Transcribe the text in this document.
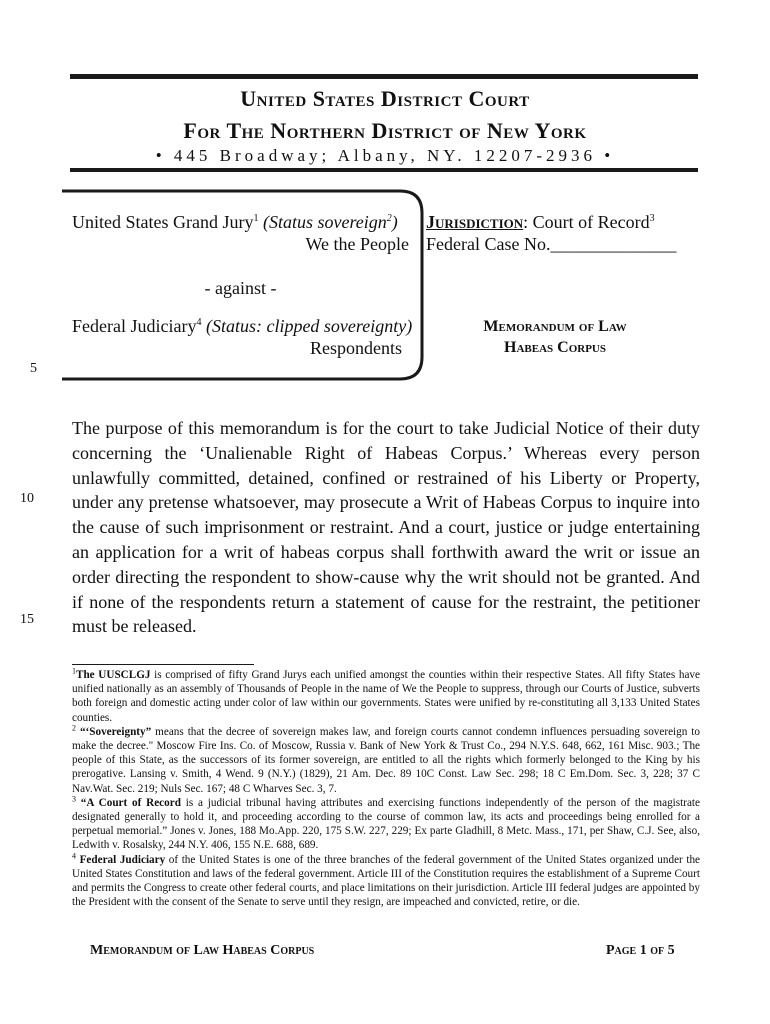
United States District Court
For The Northern District of New York
• 445 Broadway; Albany, NY. 12207-2936 •
United States Grand Jury$^1$ (Status sovereign$^2$)
We the People
- against -
Federal Judiciary$^4$ (Status: clipped sovereignty)
Respondents
Jurisdiction: Court of Record$^3$
Federal Case No.______________
Memorandum of Law
Habeas Corpus
5
10
15
The purpose of this memorandum is for the court to take Judicial Notice of their duty concerning the ‘Unalienable Right of Habeas Corpus.’ Whereas every person unlawfully committed, detained, confined or restrained of his Liberty or Property, under any pretense whatsoever, may prosecute a Writ of Habeas Corpus to inquire into the cause of such imprisonment or restraint. And a court, justice or judge entertaining an application for a writ of habeas corpus shall forthwith award the writ or issue an order directing the respondent to show-cause why the writ should not be granted. And if none of the respondents return a statement of cause for the restraint, the petitioner must be released.

$^1$The UUSCLGJ is comprised of fifty Grand Jurys each unified amongst the counties within their respective States. All fifty States have unified nationally as an assembly of Thousands of People in the name of We the People to suppress, through our Courts of Justice, subverts both foreign and domestic acting under color of law within our governments. States were unified by re-constituting all 3,133 United States counties.

$^2$ “‘Sovereignty” means that the decree of sovereign makes law, and foreign courts cannot condemn influences persuading sovereign to make the decree." Moscow Fire Ins. Co. of Moscow, Russia v. Bank of New York & Trust Co., 294 N.Y.S. 648, 662, 161 Misc. 903.; The people of this State, as the successors of its former sovereign, are entitled to all the rights which formerly belonged to the King by his prerogative. Lansing v. Smith, 4 Wend. 9 (N.Y.) (1829), 21 Am. Dec. 89 10C Const. Law Sec. 298; 18 C Em.Dom. Sec. 3, 228; 37 C Nav.Wat. Sec. 219; Nuls Sec. 167; 48 C Wharves Sec. 3, 7.

$^3$ “A Court of Record is a judicial tribunal having attributes and exercising functions independently of the person of the magistrate designated generally to hold it, and proceeding according to the course of common law, its acts and proceedings being enrolled for a perpetual memorial.” Jones v. Jones, 188 Mo.App. 220, 175 S.W. 227, 229; Ex parte Gladhill, 8 Metc. Mass., 171, per Shaw, C.J. See, also, Ledwith v. Rosalsky, 244 N.Y. 406, 155 N.E. 688, 689.

$^4$ Federal Judiciary of the United States is one of the three branches of the federal government of the United States organized under the United States Constitution and laws of the federal government. Article III of the Constitution requires the establishment of a Supreme Court and permits the Congress to create other federal courts, and place limitations on their jurisdiction. Article III federal judges are appointed by the President with the consent of the Senate to serve until they resign, are impeached and convicted, retire, or die.

Memorandum of Law Habeas Corpus	Page 1 of 5
